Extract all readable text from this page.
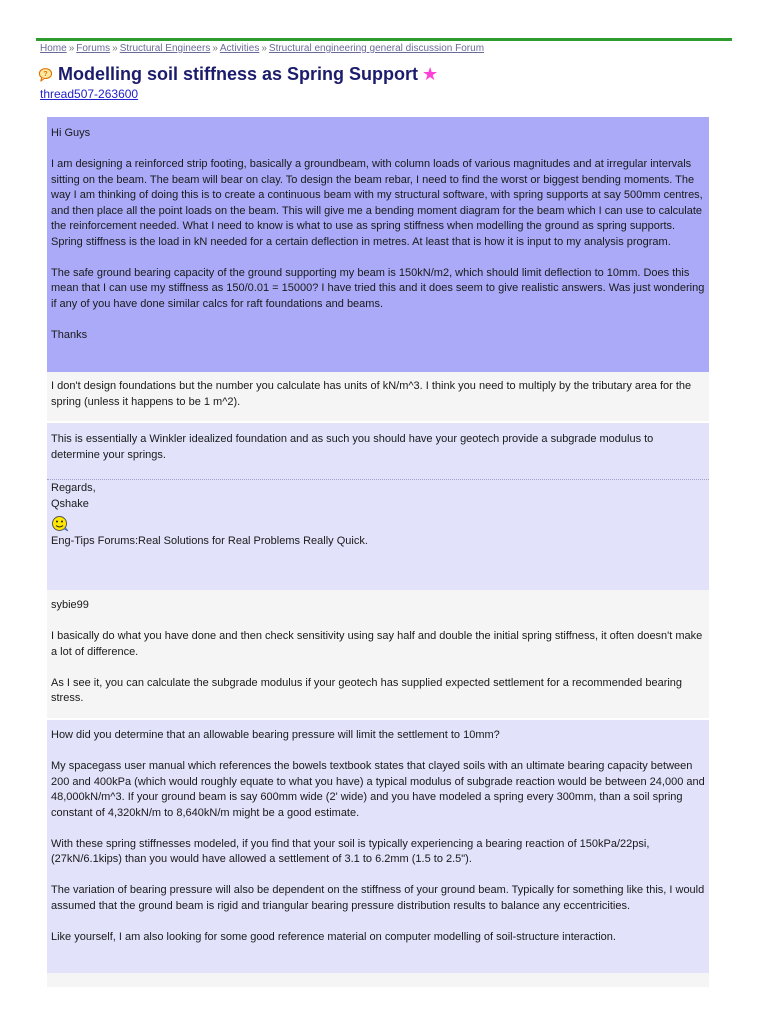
Home » Forums » Structural Engineers » Activities » Structural engineering general discussion Forum
? Modelling soil stiffness as Spring Support ★
thread507-263600

Hi Guys

I am designing a reinforced strip footing, basically a groundbeam, with column loads of various magnitudes and at irregular intervals sitting on the beam. The beam will bear on clay. To design the beam rebar, I need to find the worst or biggest bending moments. The way I am thinking of doing this is to create a continuous beam with my structural software, with spring supports at say 500mm centres, and then place all the point loads on the beam. This will give me a bending moment diagram for the beam which I can use to calculate the reinforcement needed. What I need to know is what to use as spring stiffness when modelling the ground as spring supports. Spring stiffness is the load in kN needed for a certain deflection in metres. At least that is how it is input to my analysis program.

The safe ground bearing capacity of the ground supporting my beam is 150kN/m2, which should limit deflection to 10mm. Does this mean that I can use my stiffness as 150/0.01 = 15000? I have tried this and it does seem to give realistic answers. Was just wondering if any of you have done similar calcs for raft foundations and beams.

Thanks

I don't design foundations but the number you calculate has units of kN/m^3. I think you need to multiply by the tributary area for the spring (unless it happens to be 1 m^2).

This is essentially a Winkler idealized foundation and as such you should have your geotech provide a subgrade modulus to determine your springs.

Regards,

Qshake

Eng-Tips Forums:Real Solutions for Real Problems Really Quick.

sybie99

I basically do what you have done and then check sensitivity using say half and double the initial spring stiffness, it often doesn't make a lot of difference.

As I see it, you can calculate the subgrade modulus if your geotech has supplied expected settlement for a recommended bearing stress.

How did you determine that an allowable bearing pressure will limit the settlement to 10mm?

My spacegass user manual which references the bowels textbook states that clayed soils with an ultimate bearing capacity between 200 and 400kPa (which would roughly equate to what you have) a typical modulus of subgrade reaction would be between 24,000 and 48,000kN/m^3. If your ground beam is say 600mm wide (2' wide) and you have modeled a spring every 300mm, than a soil spring constant of 4,320kN/m to 8,640kN/m might be a good estimate.

With these spring stiffnesses modeled, if you find that your soil is typically experiencing a bearing reaction of 150kPa/22psi, (27kN/6.1kips) than you would have allowed a settlement of 3.1 to 6.2mm (1.5 to 2.5").

The variation of bearing pressure will also be dependent on the stiffness of your ground beam. Typically for something like this, I would assumed that the ground beam is rigid and triangular bearing pressure distribution results to balance any eccentricities.

Like yourself, I am also looking for some good reference material on computer modelling of soil-structure interaction.
